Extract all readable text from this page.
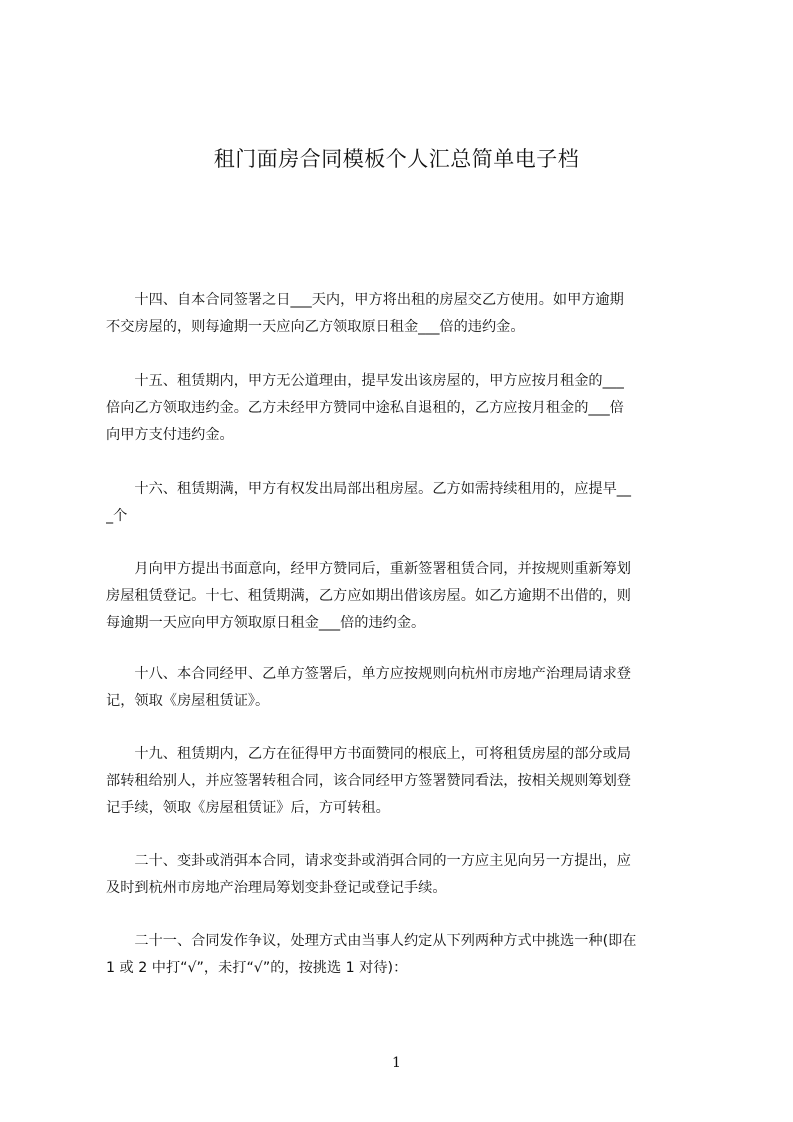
租门面房合同模板个人汇总简单电子档
　　十四、自本合同签署之日___天内，甲方将出租的房屋交乙方使用。如甲方逾期
不交房屋的，则每逾期一天应向乙方领取原日租金___倍的违约金。
　　十五、租赁期内，甲方无公道理由，提早发出该房屋的，甲方应按月租金的___
倍向乙方领取违约金。乙方未经甲方赞同中途私自退租的，乙方应按月租金的___倍
向甲方支付违约金。
　　十六、租赁期满，甲方有权发出局部出租房屋。乙方如需持续租用的，应提早__
_个
　　月向甲方提出书面意向，经甲方赞同后，重新签署租赁合同，并按规则重新筹划
房屋租赁登记。十七、租赁期满，乙方应如期出借该房屋。如乙方逾期不出借的，则
每逾期一天应向甲方领取原日租金___倍的违约金。
　　十八、本合同经甲、乙单方签署后，单方应按规则向杭州市房地产治理局请求登
记，领取《房屋租赁证》。
　　十九、租赁期内，乙方在征得甲方书面赞同的根底上，可将租赁房屋的部分或局
部转租给别人，并应签署转租合同，该合同经甲方签署赞同看法，按相关规则筹划登
记手续，领取《房屋租赁证》后，方可转租。
　　二十、变卦或消弭本合同，请求变卦或消弭合同的一方应主见向另一方提出，应
及时到杭州市房地产治理局筹划变卦登记或登记手续。
　　二十一、合同发作争议，处理方式由当事人约定从下列两种方式中挑选一种(即在
1 或 2 中打“√”，未打“√”的，按挑选 1 对待)：
1
